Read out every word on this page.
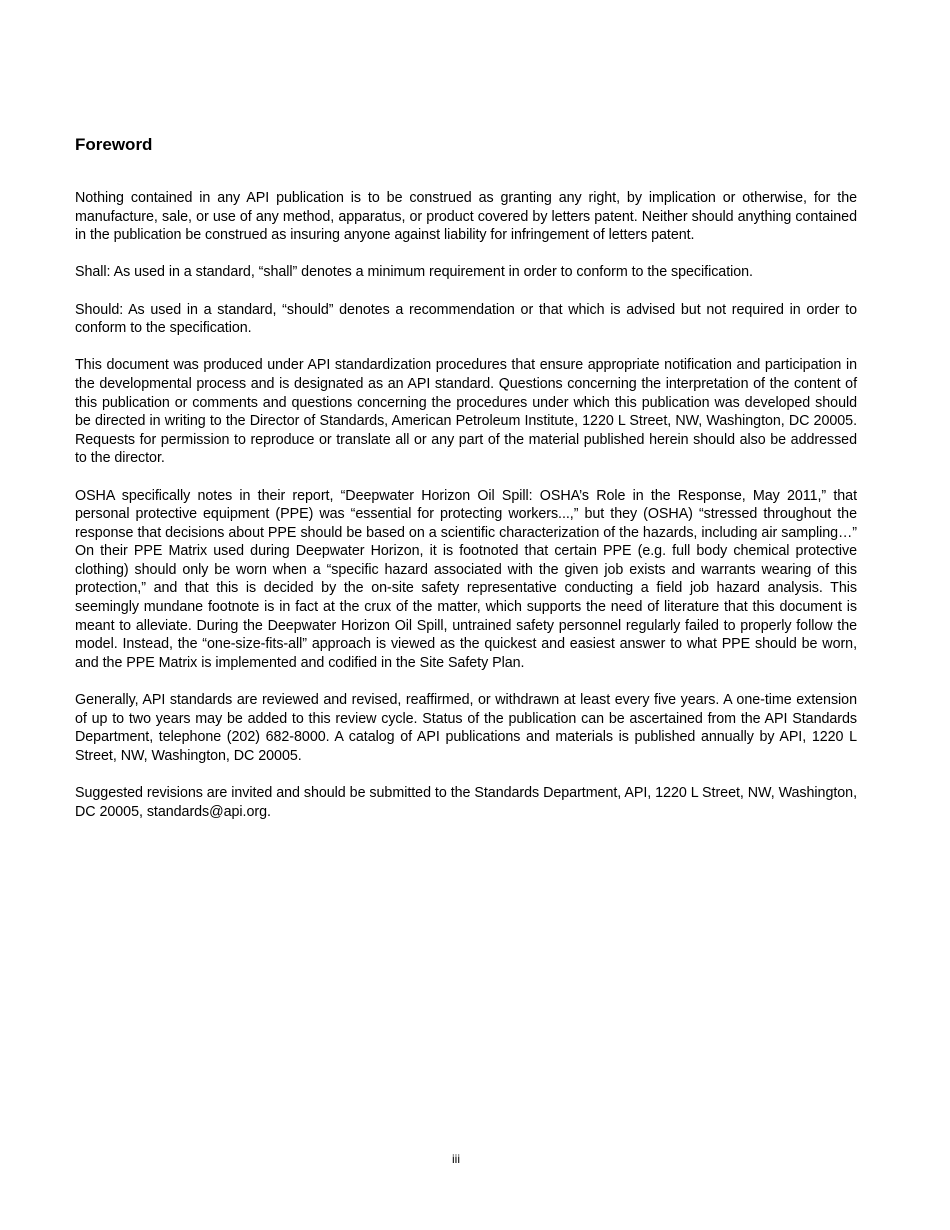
Foreword

Nothing contained in any API publication is to be construed as granting any right, by implication or otherwise, for the manufacture, sale, or use of any method, apparatus, or product covered by letters patent. Neither should anything contained in the publication be construed as insuring anyone against liability for infringement of letters patent.

Shall: As used in a standard, “shall” denotes a minimum requirement in order to conform to the specification.

Should: As used in a standard, “should” denotes a recommendation or that which is advised but not required in order to conform to the specification.

This document was produced under API standardization procedures that ensure appropriate notification and participation in the developmental process and is designated as an API standard. Questions concerning the interpretation of the content of this publication or comments and questions concerning the procedures under which this publication was developed should be directed in writing to the Director of Standards, American Petroleum Institute, 1220 L Street, NW, Washington, DC 20005. Requests for permission to reproduce or translate all or any part of the material published herein should also be addressed to the director.

OSHA specifically notes in their report, “Deepwater Horizon Oil Spill: OSHA’s Role in the Response, May 2011,” that personal protective equipment (PPE) was “essential for protecting workers...,” but they (OSHA) “stressed throughout the response that decisions about PPE should be based on a scientific characterization of the hazards, including air sampling…” On their PPE Matrix used during Deepwater Horizon, it is footnoted that certain PPE (e.g. full body chemical protective clothing) should only be worn when a “specific hazard associated with the given job exists and warrants wearing of this protection,” and that this is decided by the on-site safety representative conducting a field job hazard analysis. This seemingly mundane footnote is in fact at the crux of the matter, which supports the need of literature that this document is meant to alleviate. During the Deepwater Horizon Oil Spill, untrained safety personnel regularly failed to properly follow the model. Instead, the “one-size-fits-all” approach is viewed as the quickest and easiest answer to what PPE should be worn, and the PPE Matrix is implemented and codified in the Site Safety Plan.

Generally, API standards are reviewed and revised, reaffirmed, or withdrawn at least every five years. A one-time extension of up to two years may be added to this review cycle. Status of the publication can be ascertained from the API Standards Department, telephone (202) 682-8000. A catalog of API publications and materials is published annually by API, 1220 L Street, NW, Washington, DC 20005.

Suggested revisions are invited and should be submitted to the Standards Department, API, 1220 L Street, NW, Washington, DC 20005, standards@api.org.

iii
